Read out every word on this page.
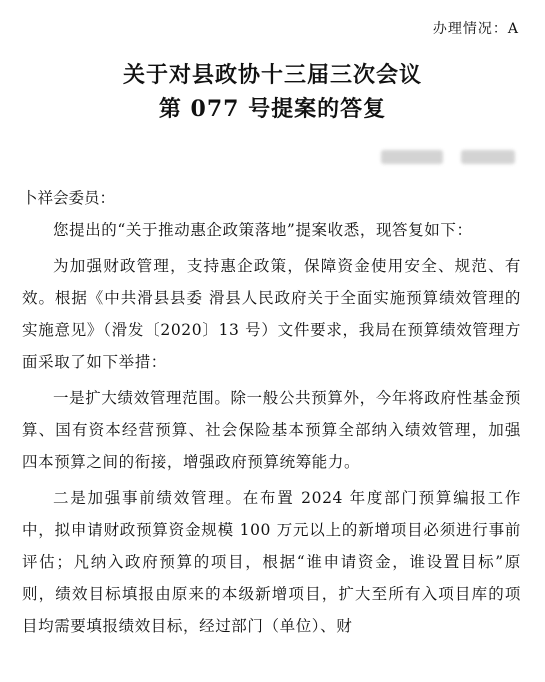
办理情况：A
关于对县政协十三届三次会议
第 077 号提案的答复
卜祥会委员：

您提出的“关于推动惠企政策落地”提案收悉，现答复如下：

为加强财政管理，支持惠企政策，保障资金使用安全、规范、有效。根据《中共滑县县委 滑县人民政府关于全面实施预算绩效管理的实施意见》（滑发〔2020〕13 号）文件要求，我局在预算绩效管理方面采取了如下举措：

一是扩大绩效管理范围。除一般公共预算外，今年将政府性基金预算、国有资本经营预算、社会保险基本预算全部纳入绩效管理，加强四本预算之间的衔接，增强政府预算统筹能力。

二是加强事前绩效管理。在布置 2024 年度部门预算编报工作中，拟申请财政预算资金规模 100 万元以上的新增项目必须进行事前评估；凡纳入政府预算的项目，根据“谁申请资金，谁设置目标”原则，绩效目标填报由原来的本级新增项目，扩大至所有入项目库的项目均需要填报绩效目标，经过部门（单位）、财
